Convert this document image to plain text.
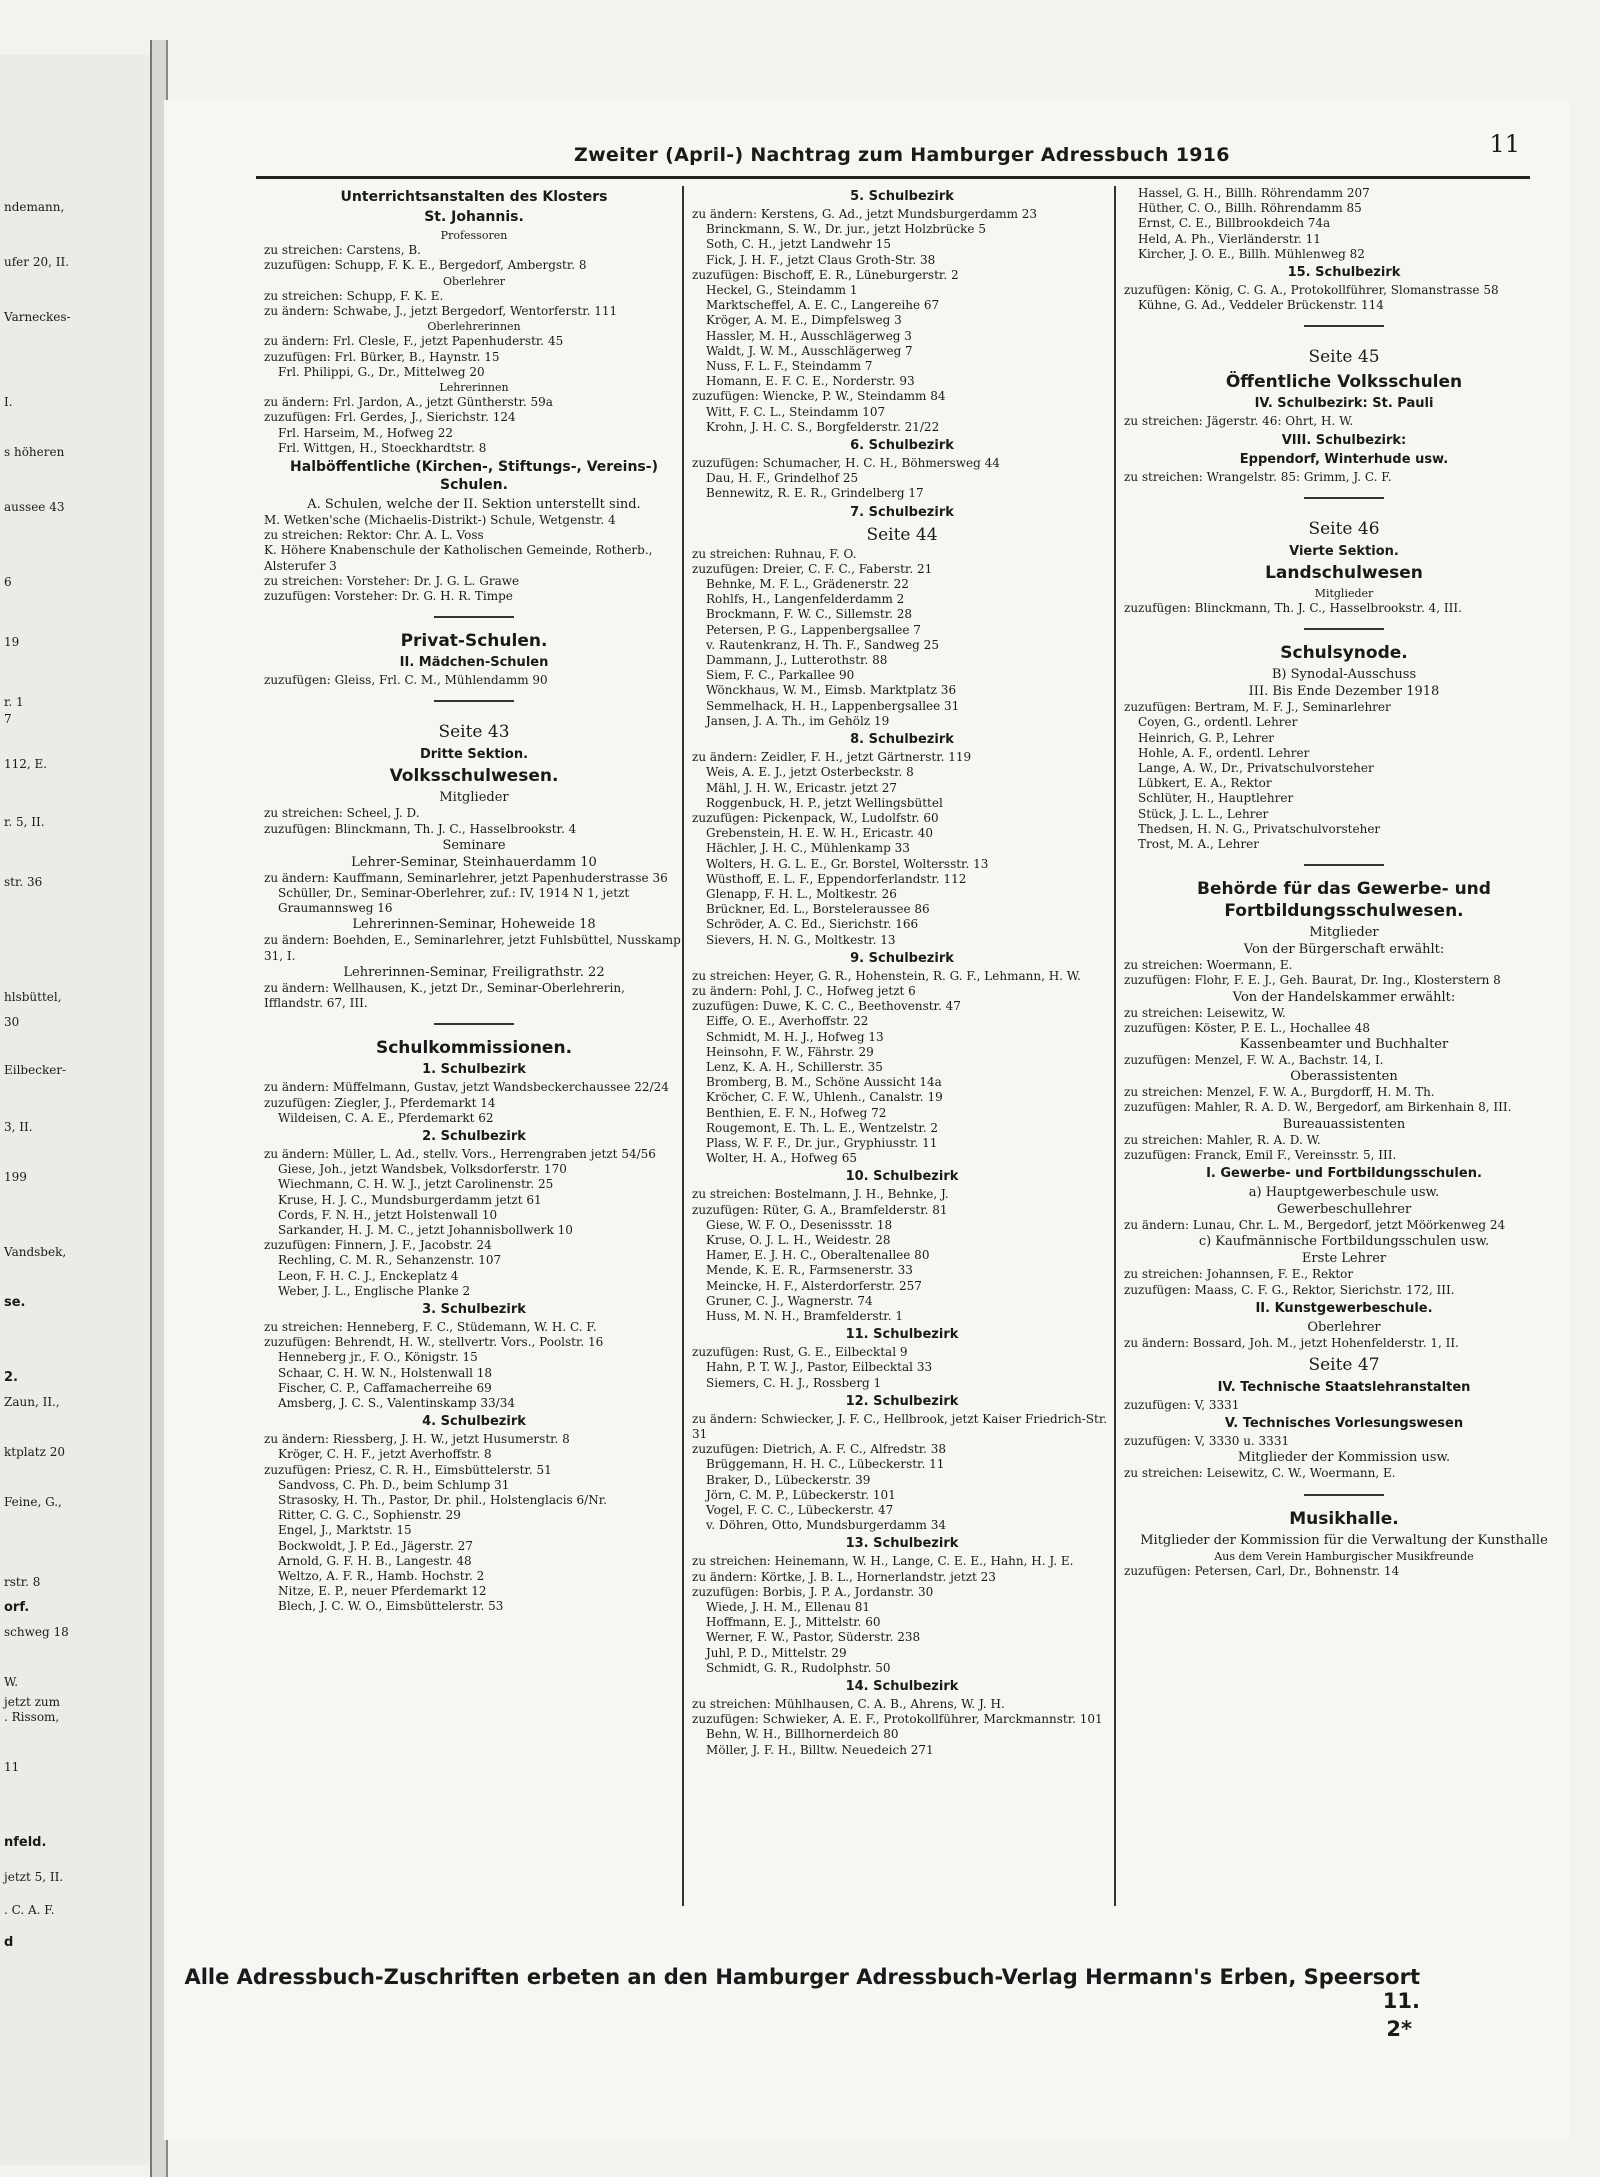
ndemann,
ufer 20, II.
Varneckes-
I.
s höheren
aussee 43
6
19
r. 1
7
112, E.
r. 5, II.
str. 36
hlsbüttel,
30
Eilbecker-
3, II.
199
Vandsbek,
se.
2.
Zaun, II.,
ktplatz 20
Feine, G.,
rstr. 8
orf.
schweg 18
W.
jetzt zum
. Rissom,
11
nfeld.
jetzt 5, II.
. C. A. F.
d
Zweiter (April-) Nachtrag zum Hamburger Adressbuch 1916	11
Unterrichtsanstalten des Klosters
St. Johannis.
Professoren
zu streichen: Carstens, B.
zuzufügen: Schupp, F. K. E., Bergedorf, Ambergstr. 8
Oberlehrer
zu streichen: Schupp, F. K. E.
zu ändern: Schwabe, J., jetzt Bergedorf, Wentorferstr. 111
Oberlehrerinnen
zu ändern: Frl. Clesle, F., jetzt Papenhuderstr. 45
zuzufügen: Frl. Bürker, B., Haynstr. 15
Frl. Philippi, G., Dr., Mittelweg 20
Lehrerinnen
zu ändern: Frl. Jardon, A., jetzt Güntherstr. 59a
zuzufügen: Frl. Gerdes, J., Sierichstr. 124
Frl. Harseim, M., Hofweg 22
Frl. Wittgen, H., Stoeckhardtstr. 8
Halböffentliche (Kirchen-, Stiftungs-, Vereins-) Schulen.
A. Schulen, welche der II. Sektion unterstellt sind.
M. Wetken'sche (Michaelis-Distrikt-) Schule, Wetgenstr. 4
zu streichen: Rektor: Chr. A. L. Voss
K. Höhere Knabenschule der Katholischen Gemeinde, Rotherb., Alsterufer 3
zu streichen: Vorsteher: Dr. J. G. L. Grawe
zuzufügen: Vorsteher: Dr. G. H. R. Timpe
Privat-Schulen.
II. Mädchen-Schulen
zuzufügen: Gleiss, Frl. C. M., Mühlendamm 90
Seite 43
Dritte Sektion.
Volksschulwesen.
Mitglieder
zu streichen: Scheel, J. D.
zuzufügen: Blinckmann, Th. J. C., Hasselbrookstr. 4
Seminare
Lehrer-Seminar, Steinhauerdamm 10
zu ändern: Kauffmann, Seminarlehrer, jetzt Papenhuderstrasse 36
Schüller, Dr., Seminar-Oberlehrer, zuf.: IV, 1914 N 1, jetzt Graumannsweg 16
Lehrerinnen-Seminar, Hoheweide 18
zu ändern: Boehden, E., Seminarlehrer, jetzt Fuhlsbüttel, Nusskamp 31, I.
Lehrerinnen-Seminar, Freiligrathstr. 22
zu ändern: Wellhausen, K., jetzt Dr., Seminar-Oberlehrerin, Ifflandstr. 67, III.
Schulkommissionen.
1. Schulbezirk
zu ändern: Müffelmann, Gustav, jetzt Wandsbeckerchaussee 22/24
zuzufügen: Ziegler, J., Pferdemarkt 14
Wildeisen, C. A. E., Pferdemarkt 62
2. Schulbezirk
zu ändern: Müller, L. Ad., stellv. Vors., Herrengraben jetzt 54/56
Giese, Joh., jetzt Wandsbek, Volksdorferstr. 170
Wiechmann, C. H. W. J., jetzt Carolinenstr. 25
Kruse, H. J. C., Mundsburgerdamm jetzt 61
Cords, F. N. H., jetzt Holstenwall 10
Sarkander, H. J. M. C., jetzt Johannisbollwerk 10
zuzufügen: Finnern, J. F., Jacobstr. 24
Rechling, C. M. R., Sehanzenstr. 107
Leon, F. H. C. J., Enckeplatz 4
Weber, J. L., Englische Planke 2
3. Schulbezirk
zu streichen: Henneberg, F. C., Stüdemann, W. H. C. F.
zuzufügen: Behrendt, H. W., stellvertr. Vors., Poolstr. 16
Henneberg jr., F. O., Königstr. 15
Schaar, C. H. W. N., Holstenwall 18
Fischer, C. P., Caffamacherreihe 69
Amsberg, J. C. S., Valentinskamp 33/34
4. Schulbezirk
zu ändern: Riessberg, J. H. W., jetzt Husumerstr. 8
Kröger, C. H. F., jetzt Averhoffstr. 8
zuzufügen: Priesz, C. R. H., Eimsbüttelerstr. 51
Sandvoss, C. Ph. D., beim Schlump 31
Strasosky, H. Th., Pastor, Dr. phil., Holstenglacis 6/Nr.
Ritter, C. G. C., Sophienstr. 29
Engel, J., Marktstr. 15
Bockwoldt, J. P. Ed., Jägerstr. 27
Arnold, G. F. H. B., Langestr. 48
Weltzo, A. F. R., Hamb. Hochstr. 2
Nitze, E. P., neuer Pferdemarkt 12
Blech, J. C. W. O., Eimsbüttelerstr. 53
5. Schulbezirk
zu ändern: Kerstens, G. Ad., jetzt Mundsburgerdamm 23
Brinckmann, S. W., Dr. jur., jetzt Holzbrücke 5
Soth, C. H., jetzt Landwehr 15
Fick, J. H. F., jetzt Claus Groth-Str. 38
zuzufügen: Bischoff, E. R., Lüneburgerstr. 2
Heckel, G., Steindamm 1
Marktscheffel, A. E. C., Langereihe 67
Kröger, A. M. E., Dimpfelsweg 3
Hassler, M. H., Ausschlägerweg 3
Waldt, J. W. M., Ausschlägerweg 7
Nuss, F. L. F., Steindamm 7
Homann, E. F. C. E., Norderstr. 93
zuzufügen: Wiencke, P. W., Steindamm 84
Witt, F. C. L., Steindamm 107
Krohn, J. H. C. S., Borgfelderstr. 21/22
6. Schulbezirk
zuzufügen: Schumacher, H. C. H., Böhmersweg 44
Dau, H. F., Grindelhof 25
Bennewitz, R. E. R., Grindelberg 17
7. Schulbezirk
Seite 44
zu streichen: Ruhnau, F. O.
zuzufügen: Dreier, C. F. C., Faberstr. 21
Behnke, M. F. L., Grädenerstr. 22
Rohlfs, H., Langenfelderdamm 2
Brockmann, F. W. C., Sillemstr. 28
Petersen, P. G., Lappenbergsallee 7
v. Rautenkranz, H. Th. F., Sandweg 25
Dammann, J., Lutterothstr. 88
Siem, F. C., Parkallee 90
Wönckhaus, W. M., Eimsb. Marktplatz 36
Semmelhack, H. H., Lappenbergsallee 31
Jansen, J. A. Th., im Gehölz 19
8. Schulbezirk
zu ändern: Zeidler, F. H., jetzt Gärtnerstr. 119
Weis, A. E. J., jetzt Osterbeckstr. 8
Mähl, J. H. W., Ericastr. jetzt 27
Roggenbuck, H. P., jetzt Wellingsbüttel
zuzufügen: Pickenpack, W., Ludolfstr. 60
Grebenstein, H. E. W. H., Ericastr. 40
Hächler, J. H. C., Mühlenkamp 33
Wolters, H. G. L. E., Gr. Borstel, Woltersstr. 13
Wüsthoff, E. L. F., Eppendorferlandstr. 112
Glenapp, F. H. L., Moltkestr. 26
Brückner, Ed. L., Borsteleraussee 86
Schröder, A. C. Ed., Sierichstr. 166
Sievers, H. N. G., Moltkestr. 13
9. Schulbezirk
zu streichen: Heyer, G. R., Hohenstein, R. G. F., Lehmann, H. W.
zu ändern: Pohl, J. C., Hofweg jetzt 6
zuzufügen: Duwe, K. C. C., Beethovenstr. 47
Eiffe, O. E., Averhoffstr. 22
Schmidt, M. H. J., Hofweg 13
Heinsohn, F. W., Fährstr. 29
Lenz, K. A. H., Schillerstr. 35
Bromberg, B. M., Schöne Aussicht 14a
Kröcher, C. F. W., Uhlenh., Canalstr. 19
Benthien, E. F. N., Hofweg 72
Rougemont, E. Th. L. E., Wentzelstr. 2
Plass, W. F. F., Dr. jur., Gryphiusstr. 11
Wolter, H. A., Hofweg 65
10. Schulbezirk
zu streichen: Bostelmann, J. H., Behnke, J.
zuzufügen: Rüter, G. A., Bramfelderstr. 81
Giese, W. F. O., Desenissstr. 18
Kruse, O. J. L. H., Weidestr. 28
Hamer, E. J. H. C., Oberaltenallee 80
Mende, K. E. R., Farmsenerstr. 33
Meincke, H. F., Alsterdorferstr. 257
Gruner, C. J., Wagnerstr. 74
Huss, M. N. H., Bramfelderstr. 1
11. Schulbezirk
zuzufügen: Rust, G. E., Eilbecktal 9
Hahn, P. T. W. J., Pastor, Eilbecktal 33
Siemers, C. H. J., Rossberg 1
12. Schulbezirk
zu ändern: Schwiecker, J. F. C., Hellbrook, jetzt Kaiser Friedrich-Str. 31
zuzufügen: Dietrich, A. F. C., Alfredstr. 38
Brüggemann, H. H. C., Lübeckerstr. 11
Braker, D., Lübeckerstr. 39
Jörn, C. M. P., Lübeckerstr. 101
Vogel, F. C. C., Lübeckerstr. 47
v. Döhren, Otto, Mundsburgerdamm 34
13. Schulbezirk
zu streichen: Heinemann, W. H., Lange, C. E. E., Hahn, H. J. E.
zu ändern: Körtke, J. B. L., Hornerlandstr. jetzt 23
zuzufügen: Borbis, J. P. A., Jordanstr. 30
Wiede, J. H. M., Ellenau 81
Hoffmann, E. J., Mittelstr. 60
Werner, F. W., Pastor, Süderstr. 238
Juhl, P. D., Mittelstr. 29
Schmidt, G. R., Rudolphstr. 50
14. Schulbezirk
zu streichen: Mühlhausen, C. A. B., Ahrens, W. J. H.
zuzufügen: Schwieker, A. E. F., Protokollführer, Marckmannstr. 101
Behn, W. H., Billhornerdeich 80
Möller, J. F. H., Billtw. Neuedeich 271
Hassel, G. H., Billh. Röhrendamm 207
Hüther, C. O., Billh. Röhrendamm 85
Ernst, C. E., Billbrookdeich 74a
Held, A. Ph., Vierländerstr. 11
Kircher, J. O. E., Billh. Mühlenweg 82
15. Schulbezirk
zuzufügen: König, C. G. A., Protokollführer, Slomanstrasse 58
Kühne, G. Ad., Veddeler Brückenstr. 114
Seite 45
Öffentliche Volksschulen
IV. Schulbezirk: St. Pauli
zu streichen: Jägerstr. 46: Ohrt, H. W.
VIII. Schulbezirk:
Eppendorf, Winterhude usw.
zu streichen: Wrangelstr. 85: Grimm, J. C. F.
Seite 46
Vierte Sektion.
Landschulwesen
Mitglieder
zuzufügen: Blinckmann, Th. J. C., Hasselbrookstr. 4, III.
Schulsynode.
B) Synodal-Ausschuss
III. Bis Ende Dezember 1918
zuzufügen: Bertram, M. F. J., Seminarlehrer
Coyen, G., ordentl. Lehrer
Heinrich, G. P., Lehrer
Hohle, A. F., ordentl. Lehrer
Lange, A. W., Dr., Privatschulvorsteher
Lübkert, E. A., Rektor
Schlüter, H., Hauptlehrer
Stück, J. L. L., Lehrer
Thedsen, H. N. G., Privatschulvorsteher
Trost, M. A., Lehrer
Behörde für das Gewerbe- und Fortbildungsschulwesen.
Mitglieder
Von der Bürgerschaft erwählt:
zu streichen: Woermann, E.
zuzufügen: Flohr, F. E. J., Geh. Baurat, Dr. Ing., Klosterstern 8
Von der Handelskammer erwählt:
zu streichen: Leisewitz, W.
zuzufügen: Köster, P. E. L., Hochallee 48
Kassenbeamter und Buchhalter
zuzufügen: Menzel, F. W. A., Bachstr. 14, I.
Oberassistenten
zu streichen: Menzel, F. W. A., Burgdorff, H. M. Th.
zuzufügen: Mahler, R. A. D. W., Bergedorf, am Birkenhain 8, III.
Bureauassistenten
zu streichen: Mahler, R. A. D. W.
zuzufügen: Franck, Emil F., Vereinsstr. 5, III.
I. Gewerbe- und Fortbildungsschulen.
a) Hauptgewerbeschule usw.
Gewerbeschullehrer
zu ändern: Lunau, Chr. L. M., Bergedorf, jetzt Möörkenweg 24
c) Kaufmännische Fortbildungsschulen usw.
Erste Lehrer
zu streichen: Johannsen, F. E., Rektor
zuzufügen: Maass, C. F. G., Rektor, Sierichstr. 172, III.
II. Kunstgewerbeschule.
Oberlehrer
zu ändern: Bossard, Joh. M., jetzt Hohenfelderstr. 1, II.
Seite 47
IV. Technische Staatslehranstalten
zuzufügen: V, 3331
V. Technisches Vorlesungswesen
zuzufügen: V, 3330 u. 3331
Mitglieder der Kommission usw.
zu streichen: Leisewitz, C. W., Woermann, E.
Musikhalle.
Mitglieder der Kommission für die Verwaltung der Kunsthalle
Aus dem Verein Hamburgischer Musikfreunde
zuzufügen: Petersen, Carl, Dr., Bohnenstr. 14
Alle Adressbuch-Zuschriften erbeten an den Hamburger Adressbuch-Verlag Hermann's Erben, Speersort 11.
2*
